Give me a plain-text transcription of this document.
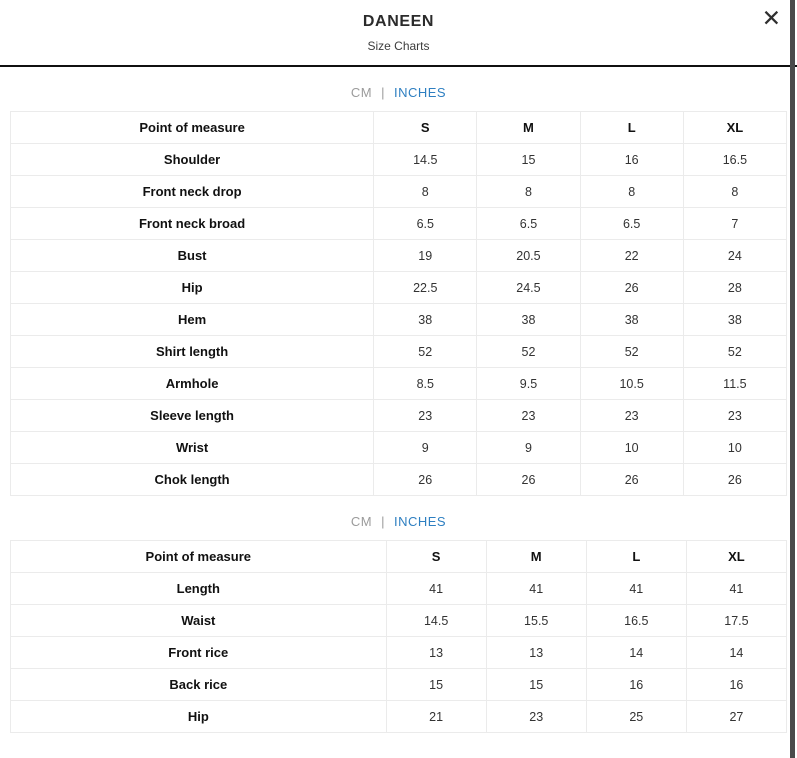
DANEEN
Size Charts
✕
CM | INCHES
Point of measure	S	M	L	XL
Shoulder	14.5	15	16	16.5
Front neck drop	8	8	8	8
Front neck broad	6.5	6.5	6.5	7
Bust	19	20.5	22	24
Hip	22.5	24.5	26	28
Hem	38	38	38	38
Shirt length	52	52	52	52
Armhole	8.5	9.5	10.5	11.5
Sleeve length	23	23	23	23
Wrist	9	9	10	10
Chok length	26	26	26	26
CM | INCHES
Point of measure	S	M	L	XL
Length	41	41	41	41
Waist	14.5	15.5	16.5	17.5
Front rice	13	13	14	14
Back rice	15	15	16	16
Hip	21	23	25	27
